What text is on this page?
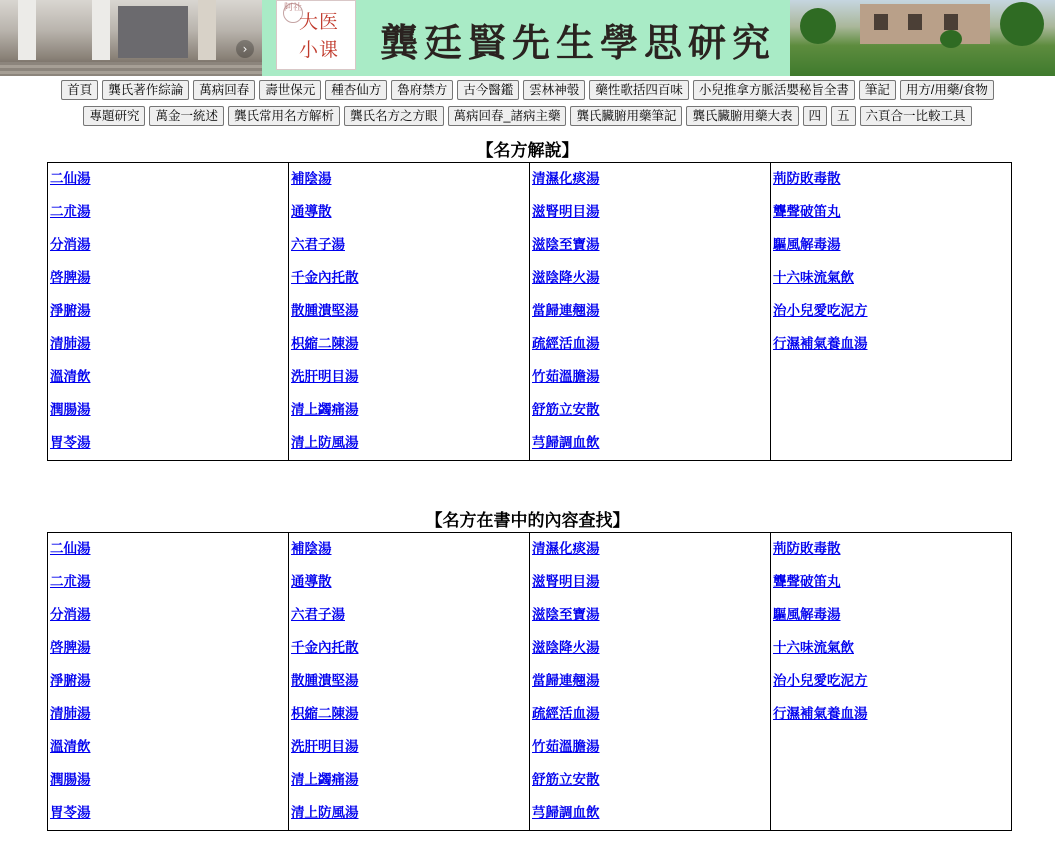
›
阿社
大医
小课 龔廷賢先生學思研究
首頁	龔氏著作綜論	萬病回春	壽世保元	種杏仙方	魯府禁方	古今醫鑑	雲林神彀	藥性歌括四百味	小兒推拿方脈活嬰秘旨全書	筆記	用方/用藥/食物
專題研究	萬金一統述	龔氏常用名方解析	龔氏名方之方眼	萬病回春_諸病主藥	龔氏臟腑用藥筆記	龔氏臟腑用藥大表	四	五	六頁合一比較工具
【名方解說】
二仙湯
二朮湯
分消湯
啓脾湯
淨腑湯
清肺湯
溫清飲
潤腸湯
胃苓湯

補陰湯
通導散
六君子湯
千金內托散
散腫潰堅湯
枳縮二陳湯
洗肝明目湯
清上蠲痛湯
清上防風湯

清濕化痰湯
滋腎明目湯
滋陰至寶湯
滋陰降火湯
當歸連翹湯
疏經活血湯
竹茹溫膽湯
舒筋立安散
芎歸調血飲

荊防敗毒散
聾聲破笛丸
驅風解毒湯
十六味流氣飲
治小兒愛吃泥方
行濕補氣養血湯
【名方在書中的內容查找】
二仙湯
二朮湯
分消湯
啓脾湯
淨腑湯
清肺湯
溫清飲
潤腸湯
胃苓湯

補陰湯
通導散
六君子湯
千金內托散
散腫潰堅湯
枳縮二陳湯
洗肝明目湯
清上蠲痛湯
清上防風湯

清濕化痰湯
滋腎明目湯
滋陰至寶湯
滋陰降火湯
當歸連翹湯
疏經活血湯
竹茹溫膽湯
舒筋立安散
芎歸調血飲

荊防敗毒散
聾聲破笛丸
驅風解毒湯
十六味流氣飲
治小兒愛吃泥方
行濕補氣養血湯
